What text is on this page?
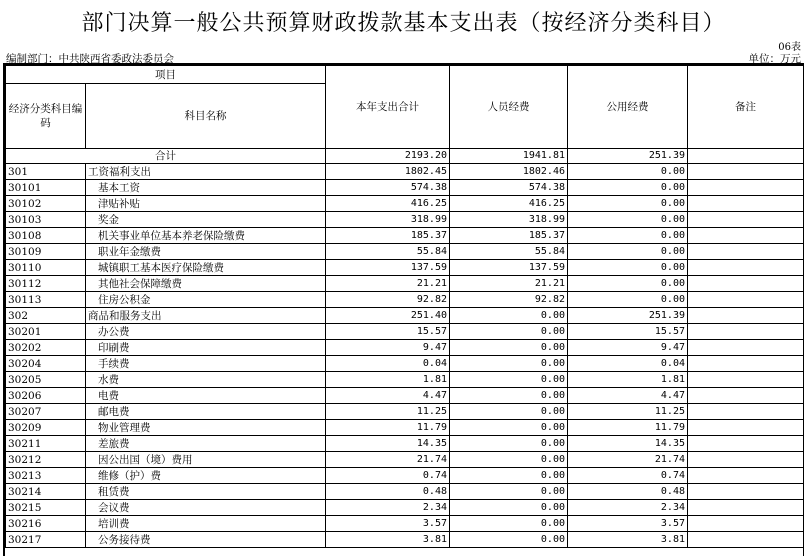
部门决算一般公共预算财政拨款基本支出表（按经济分类科目）
06表
编制部门：中共陕西省委政法委员会	单位：万元
项目		本年支出合计	人员经费	公用经费	备注
经济分类科目编码	科目名称				
合计		2193.20	1941.81	251.39	
301	工资福利支出	1802.45	1802.46	0.00	
30101	基本工资	574.38	574.38	0.00	
30102	津贴补贴	416.25	416.25	0.00	
30103	奖金	318.99	318.99	0.00	
30108	机关事业单位基本养老保险缴费	185.37	185.37	0.00	
30109	职业年金缴费	55.84	55.84	0.00	
30110	城镇职工基本医疗保险缴费	137.59	137.59	0.00	
30112	其他社会保障缴费	21.21	21.21	0.00	
30113	住房公积金	92.82	92.82	0.00	
302	商品和服务支出	251.40	0.00	251.39	
30201	办公费	15.57	0.00	15.57	
30202	印刷费	9.47	0.00	9.47	
30204	手续费	0.04	0.00	0.04	
30205	水费	1.81	0.00	1.81	
30206	电费	4.47	0.00	4.47	
30207	邮电费	11.25	0.00	11.25	
30209	物业管理费	11.79	0.00	11.79	
30211	差旅费	14.35	0.00	14.35	
30212	因公出国（境）费用	21.74	0.00	21.74	
30213	维修（护）费	0.74	0.00	0.74	
30214	租赁费	0.48	0.00	0.48	
30215	会议费	2.34	0.00	2.34	
30216	培训费	3.57	0.00	3.57	
30217	公务接待费	3.81	0.00	3.81	
